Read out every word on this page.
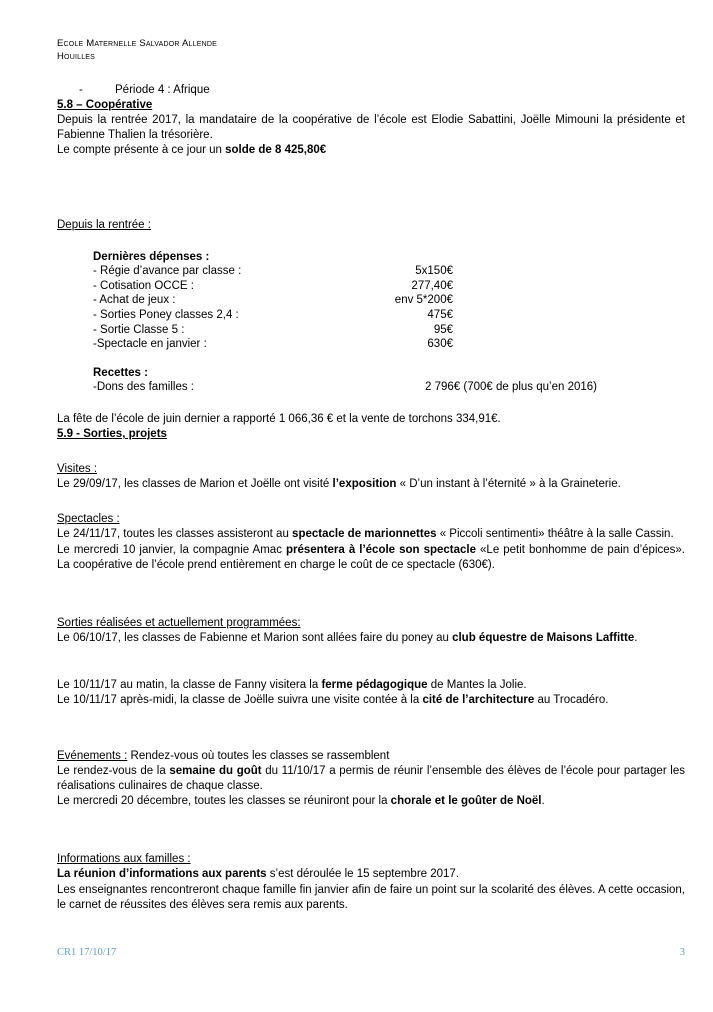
Ecole Maternelle Salvador Allende
Houilles
-	Période 4 : Afrique
5.8 – Coopérative

Depuis la rentrée 2017, la mandataire de la coopérative de l’école est Elodie Sabattini, Joëlle Mimouni la présidente et Fabienne Thalien la trésorière.

Le compte présente à ce jour un solde de 8 425,80€

Depuis la rentrée :
Dernières dépenses :
- Régie d’avance par classe :	5x150€
- Cotisation OCCE :	277,40€
- Achat de jeux :	env 5*200€
- Sorties Poney classes 2,4 :	475€
- Sortie Classe 5 :	95€
-Spectacle en janvier :	630€
Recettes :
-Dons des familles :	2 796€ (700€ de plus qu’en 2016)

La fête de l’école de juin dernier a rapporté 1 066,36 € et la vente de torchons 334,91€.

5.9 - Sorties, projets
Visites :
Le 29/09/17, les classes de Marion et Joëlle ont visité l’exposition « D’un instant à l’éternité » à la Graineterie.
Spectacles :
Le 24/11/17, toutes les classes assisteront au spectacle de marionnettes « Piccoli sentimenti» théâtre à la salle Cassin.
Le mercredi 10 janvier, la compagnie Amac présentera à l’école son spectacle «Le petit bonhomme de pain d’épices». La coopérative de l’école prend entièrement en charge le coût de ce spectacle (630€).
Sorties réalisées et actuellement programmées:
Le 06/10/17, les classes de Fabienne et Marion sont allées faire du poney au club équestre de Maisons Laffitte.
Le 10/11/17 au matin, la classe de Fanny visitera la ferme pédagogique de Mantes la Jolie.
Le 10/11/17 après-midi, la classe de Joëlle suivra une visite contée à la cité de l’architecture au Trocadéro.
Evénements : Rendez-vous où toutes les classes se rassemblent
Le rendez-vous de la semaine du goût du 11/10/17 a permis de réunir l’ensemble des élèves de l’école pour partager les réalisations culinaires de chaque classe.
Le mercredi 20 décembre, toutes les classes se réuniront pour la chorale et le goûter de Noël.
Informations aux familles :
La réunion d’informations aux parents s’est déroulée le 15 septembre 2017.
Les enseignantes rencontreront chaque famille fin janvier afin de faire un point sur la scolarité des élèves. A cette occasion, le carnet de réussites des élèves sera remis aux parents.
CR1 17/10/17	3
